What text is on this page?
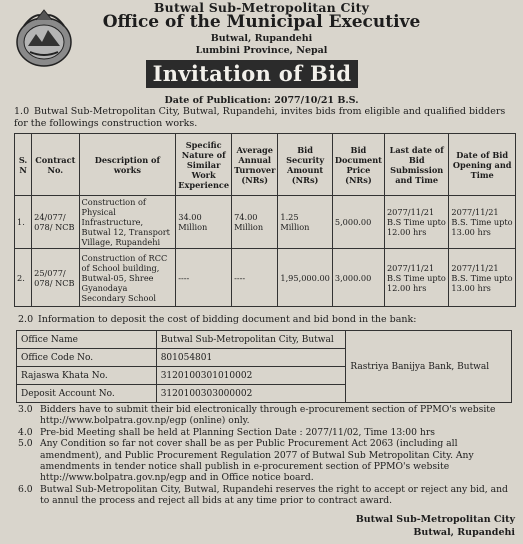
Butwal Sub-Metropolitan City
Office of the Municipal Executive
Butwal, Rupandehi
Lumbini Province, Nepal
Invitation of Bid
Date of Publication: 2077/10/21 B.S.
1.0 Butwal Sub-Metropolitan City, Butwal, Rupandehi, invites bids from eligible and qualified bidders for the followings construction works.
S. N	Contract No.	Description of works	Specific Nature of Similar Work Experience	Average Annual Turnover (NRs)	Bid Security Amount (NRs)	Bid Document Price (NRs)	Last date of Bid Submission and Time	Date of Bid Opening and Time
1.	24/077/ 078/ NCB	Construction of Physical Infrastructure, Butwal 12, Transport Village, Rupandehi	34.00 Million	74.00 Million	1.25 Million	5,000.00	2077/11/21 B.S Time upto 12.00 hrs	2077/11/21 B.S. Time upto 13.00 hrs
2.	25/077/ 078/ NCB	Construction of RCC of School building, Butwal-05, Shree Gyanodaya Secondary School	----	----	1,95,000.00	3,000.00	2077/11/21 B.S Time upto 12.00 hrs	2077/11/21 B.S. Time upto 13.00 hrs
2.0 Information to deposit the cost of bidding document and bid bond in the bank:
Office Name	Butwal Sub-Metropolitan City, Butwal	Rastriya Banijya Bank, Butwal
Office Code No.	801054801	
Rajaswa Khata No.	3120100301010002	
Deposit Account No.	3120100303000002	
3.0 Bidders have to submit their bid electronically through e-procurement section of PPMO's website http://www.bolpatra.gov.np/egp (online) only.
4.0 Pre-bid Meeting shall be held at Planning Section Date : 2077/11/02, Time 13:00 hrs
5.0 Any Condition so far not cover shall be as per Public Procurement Act 2063 (including all amendment), and Public Procurement Regulation 2077 of Butwal Sub Metropolitan City. Any amendments in tender notice shall publish in e-procurement section of PPMO's website http://www.bolpatra.gov.np/egp and in Office notice board.
6.0 Butwal Sub-Metropolitan City, Butwal, Rupandehi reserves the right to accept or reject any bid, and to annul the process and reject all bids at any time prior to contract award.
Butwal Sub-Metropolitan City
Butwal, Rupandehi
